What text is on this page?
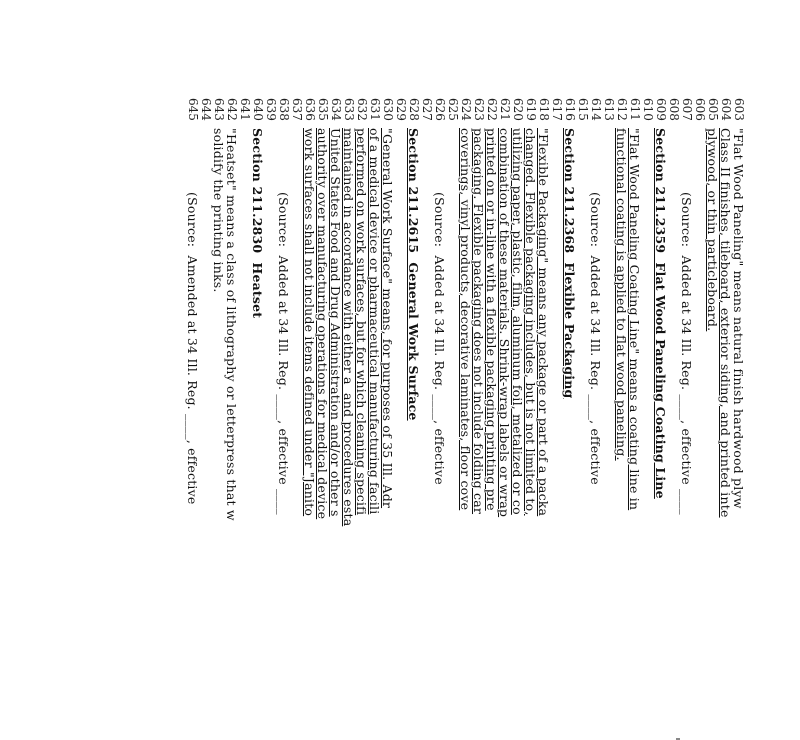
603
604
605
606
607
608
609
610
611
612
613
614
615
616
617
618
619
620
621
622
623
624
625
626
627
628
629
630
631
632
633
634
635
636
637
638
639
640
641
642
643
644
645
"Flat Wood Paneling" means natural finish hardwood plyw
Class II finishes, tileboard, exterior siding, and printed inte
plywood, or thin particleboard.
(Source:  Added at 34 Ill. Reg. ____, effective ____
Section 211.2359  Flat Wood Paneling Coating Line
"Flat Wood Paneling Coating Line" means a coating line in
functional coating is applied to flat wood paneling.
(Source:  Added at 34 Ill. Reg. ____, effective
Section 211.2368  Flexible Packaging
"Flexible Packaging" means any package or part of a packa
changed. Flexible packaging includes, but is not limited to,
utilizing paper, plastic, film, aluminum foil, metalized or co
combination of these materials. Shrink-wrap labels or wrap
printed on or in-line with a flexible packaging printing pre
packaging. Flexible packaging does not include folding car
coverings, vinyl products, decorative laminates, floor cove
(Source:  Added at 34 Ill. Reg. ____, effective
Section 211.2615  General Work Surface
"General Work Surface" means, for purposes of 35 Ill. Adr
of a medical device or pharmaceutical manufacturing facili
performed on work surfaces, but for which cleaning specifi
maintained in accordance with either a  and procedures esta
United States Food and Drug Administration and/or other s
authority over manufacturing operations for medical device
work surfaces shall not include items defined under "Janito
(Source:  Added at 34 Ill. Reg. ____, effective ____
Section 211.2830  Heatset
"Heatset" means a class of lithography or letterpress that w
solidify the printing inks.
(Source:  Amended at 34 Ill. Reg. ____, effective
